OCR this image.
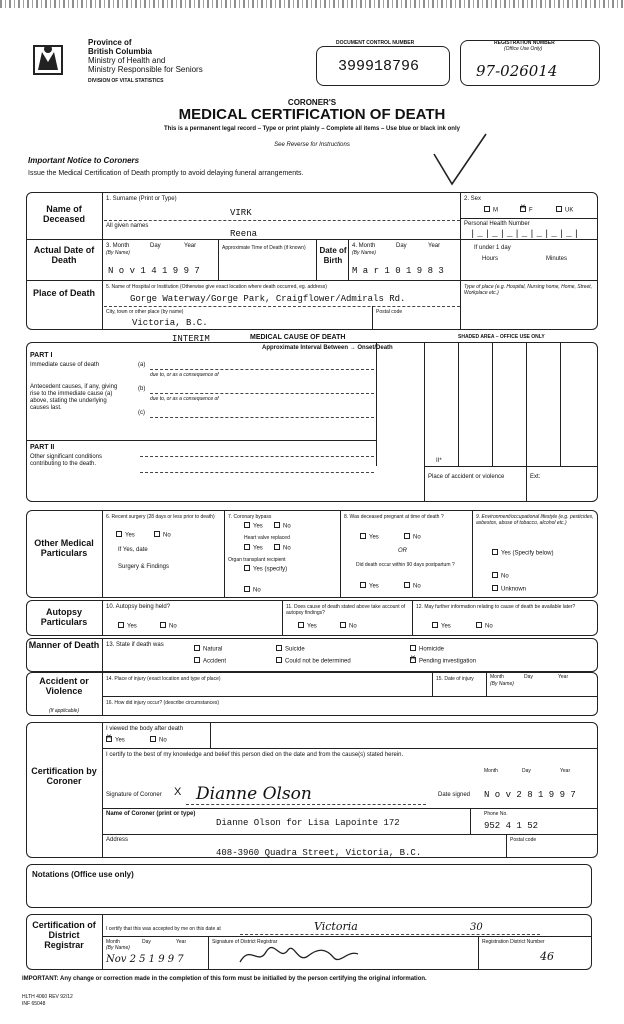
Province of
British Columbia
Ministry of Health and
Ministry Responsible for Seniors
DIVISION OF VITAL STATISTICS
DOCUMENT CONTROL NUMBER
399918796
REGISTRATION NUMBER
(Office Use Only)
97-026014
CORONER'S
MEDICAL CERTIFICATION OF DEATH
This is a permanent legal record – Type or print plainly – Complete all items – Use blue or black ink only
See Reverse for Instructions
Important Notice to Coroners
Issue the Medical Certification of Death promptly to avoid delaying funeral arrangements.
Name of Deceased
Actual Date of Death
Place of Death
1. Surname (Print or Type)
VIRK
All given names
Reena
2. Sex
M
✕	F	UK
Personal Health Number
|_|_|_|_|_|_|_|
3. Month	Day	Year
(By Name)
Approximate Time of Death (if known)
N o v 1 4 1 9 9 7
Date of Birth
4. Month	Day	Year
(By Name)
M a r 1 0 1 9 8 3
If under 1 day
Hours	Minutes
5. Name of Hospital or Institution (Otherwise give exact location where death occurred, eg. address)
Gorge Waterway/Gorge Park, Craigflower/Admirals Rd.
City, town or other place (by name)
Victoria, B.C.
Postal code
Type of place (e.g. Hospital, Nursing home, Home, Street, Workplace etc.)
INTERIM	MEDICAL CAUSE OF DEATH	SHADED AREA – OFFICE USE ONLY
Approximate Interval Between → Onset/Death
PART I
Immediate cause of death	(a)
due to, or as a consequence of
Antecedent causes, if any, giving rise to the immediate cause (a) above, stating the underlying causes last.
(b)
due to, or as a consequence of
(c)
PART II
Other significant conditions contributing to the death.	II*
Place of accident or violence	Ext:
Other Medical Particulars
6. Recent surgery (28 days or less prior to death)
Yes	No
If Yes, date
Surgery & Findings
7. Coronary bypass
Yes	No
Heart valve replaced
Yes	No
Organ transplant recipient
Yes (specify)
No
8. Was deceased pregnant at time of death ?
Yes	No
OR
Did death occur within 90 days postpartum ?
Yes	No
9. Environment/occupational lifestyle (e.g. pesticides, asbestos, abuse of tobacco, alcohol etc.)
Yes (Specify below)
No
Unknown
Autopsy Particulars
10. Autopsy being held?
Yes	No
11. Does cause of death stated above take account of autopsy findings?
Yes	No
12. May further information relating to cause of death be available later?
Yes	No
Manner of Death 13. State if death was
Natural
Accident
Suicide
Could not be determined
Homicide
✕Pending investigation
Accident or Violence
(If applicable)
14. Place of injury (exact location and type of place)	15. Date of injury	Month	Day	Year
(By Name)
16. How did injury occur? (describe circumstances)
Certification by Coroner
I viewed the body after death
✕Yes	No
I certify to the best of my knowledge and belief this person died on the date and from the cause(s) stated herein.
Month	Day	Year
Signature of Coroner X Dianne Olson	Date signed N o v 2 8 1 9 9 7
Name of Coroner (print or type)
Dianne Olson for Lisa Lapointe 172
Phone No.
952 4 1 52
Address
408-3960 Quadra Street, Victoria, B.C.
Postal code
Notations (Office use only)
Certification of District Registrar
I certify that this was accepted by me on this date at	Victoria	30
Month	Day	Year
(By Name)
Nov 2 5 1 9 9 7
Signature of District Registrar	Registration District Number
46
IMPORTANT: Any change or correction made in the completion of this form must be initialled by the person certifying the original information.
HLTH 4060 REV 92/12
INF 65048
